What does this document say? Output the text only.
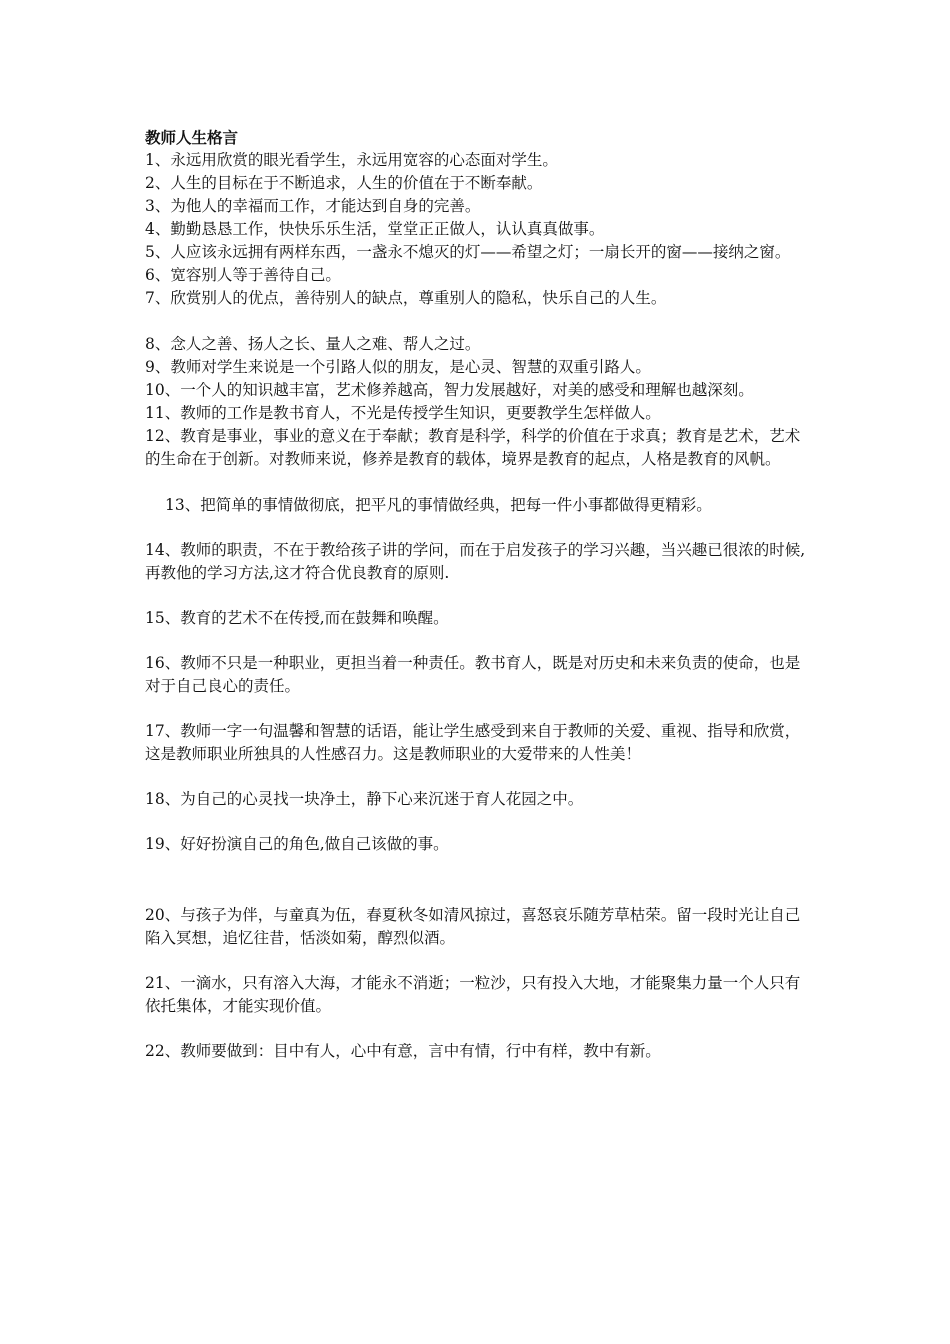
教师人生格言

1、永远用欣赏的眼光看学生，永远用宽容的心态面对学生。

2、人生的目标在于不断追求，人生的价值在于不断奉献。

3、为他人的幸福而工作，才能达到自身的完善。

4、勤勤恳恳工作，快快乐乐生活，堂堂正正做人，认认真真做事。

5、人应该永远拥有两样东西，一盏永不熄灭的灯——希望之灯；一扇长开的窗——接纳之窗。

6、宽容别人等于善待自己。

7、欣赏别人的优点，善待别人的缺点，尊重别人的隐私，快乐自己的人生。

8、念人之善、扬人之长、量人之难、帮人之过。

9、教师对学生来说是一个引路人似的朋友，是心灵、智慧的双重引路人。

10、一个人的知识越丰富，艺术修养越高，智力发展越好，对美的感受和理解也越深刻。

11、教师的工作是教书育人，不光是传授学生知识，更要教学生怎样做人。

12、教育是事业，事业的意义在于奉献；教育是科学，科学的价值在于求真；教育是艺术，艺术的生命在于创新。对教师来说，修养是教育的载体，境界是教育的起点，人格是教育的风帆。

13、把简单的事情做彻底，把平凡的事情做经典，把每一件小事都做得更精彩。

14、教师的职责，不在于教给孩子讲的学问，而在于启发孩子的学习兴趣，当兴趣已很浓的时候,再教他的学习方法,这才符合优良教育的原则.

15、教育的艺术不在传授,而在鼓舞和唤醒。

16、教师不只是一种职业，更担当着一种责任。教书育人，既是对历史和未来负责的使命，也是对于自己良心的责任。

17、教师一字一句温馨和智慧的话语，能让学生感受到来自于教师的关爱、重视、指导和欣赏，这是教师职业所独具的人性感召力。这是教师职业的大爱带来的人性美！

18、为自己的心灵找一块净土，静下心来沉迷于育人花园之中。

19、好好扮演自己的角色,做自己该做的事。

20、与孩子为伴，与童真为伍，春夏秋冬如清风掠过，喜怒哀乐随芳草枯荣。留一段时光让自己陷入冥想，追忆往昔，恬淡如菊，醇烈似酒。

21、一滴水，只有溶入大海，才能永不消逝；一粒沙，只有投入大地，才能聚集力量一个人只有依托集体，才能实现价值。

22、教师要做到：目中有人，心中有意，言中有情，行中有样，教中有新。
